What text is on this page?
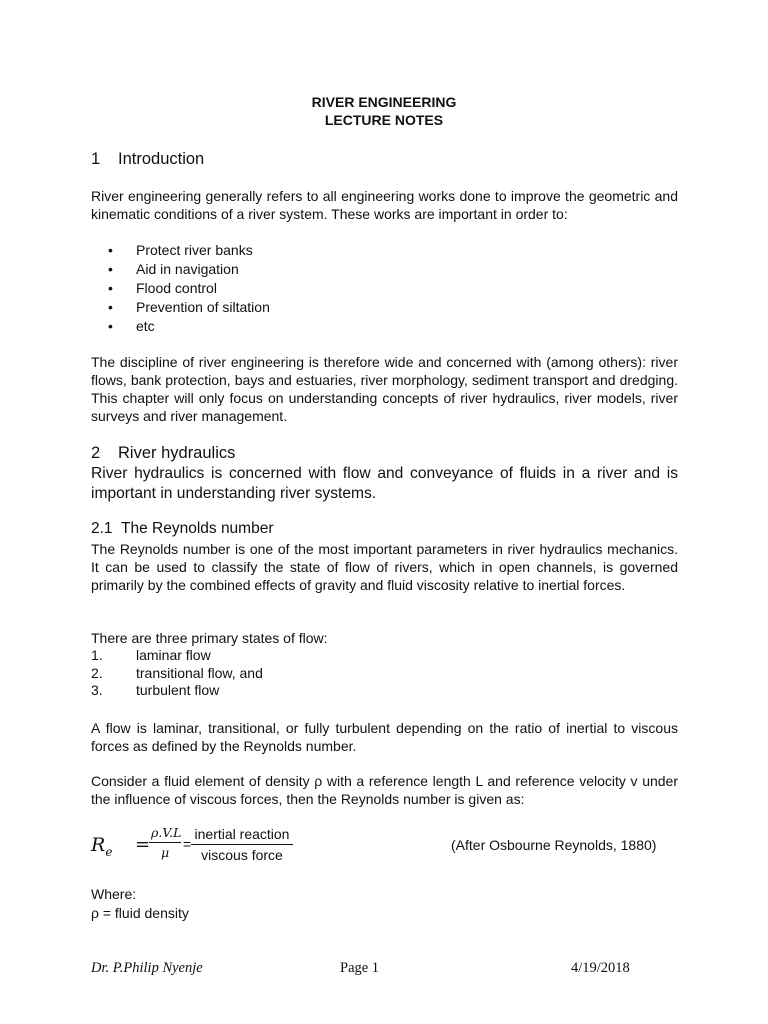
RIVER ENGINEERING
LECTURE NOTES
1 Introduction
River engineering generally refers to all engineering works done to improve the geometric and kinematic conditions of a river system. These works are important in order to:
• Protect river banks
• Aid in navigation
• Flood control
• Prevention of siltation
• etc
The discipline of river engineering is therefore wide and concerned with (among others): river flows, bank protection, bays and estuaries, river morphology, sediment transport and dredging. This chapter will only focus on understanding concepts of river hydraulics, river models, river surveys and river management.
2 River hydraulics
River hydraulics is concerned with flow and conveyance of fluids in a river and is important in understanding river systems.
2.1 The Reynolds number
The Reynolds number is one of the most important parameters in river hydraulics mechanics. It can be used to classify the state of flow of rivers, which in open channels, is governed primarily by the combined effects of gravity and fluid viscosity relative to inertial forces.
There are three primary states of flow:
1. laminar flow
2. transitional flow, and
3. turbulent flow
A flow is laminar, transitional, or fully turbulent depending on the ratio of inertial to viscous forces as defined by the Reynolds number.
Consider a fluid element of density ρ with a reference length L and reference velocity v under the influence of viscous forces, then the Reynolds number is given as:
$R_e$ =
$\frac{\rho.V.L}{\mu}$ =
inertial reaction
viscous force
(After Osbourne Reynolds, 1880)
Where:
ρ = fluid density
Dr. P.Philip Nyenje	Page 1	4/19/2018
